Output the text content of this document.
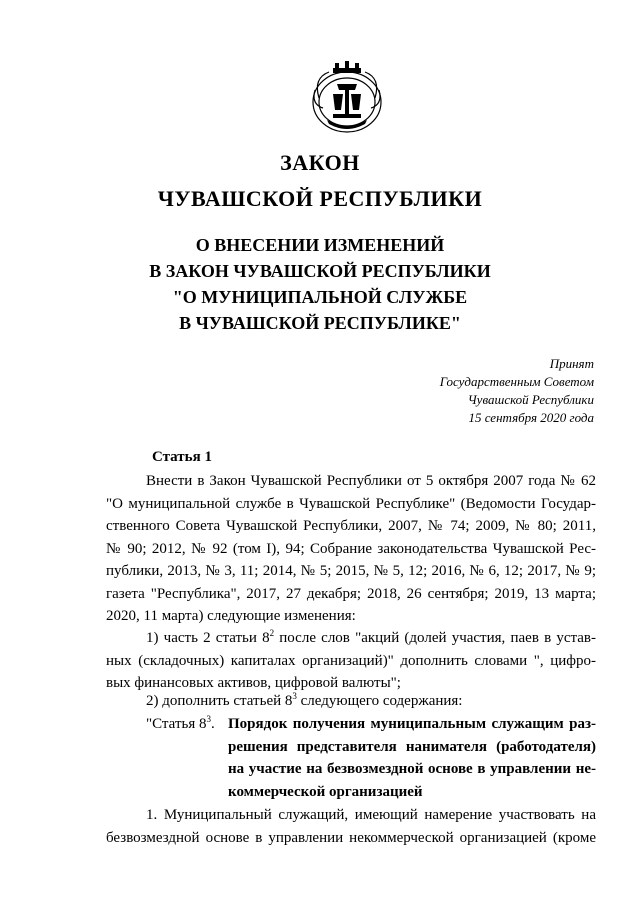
ЗАКОН
ЧУВАШСКОЙ РЕСПУБЛИКИ
О ВНЕСЕНИИ ИЗМЕНЕНИЙ
В ЗАКОН ЧУВАШСКОЙ РЕСПУБЛИКИ
"О МУНИЦИПАЛЬНОЙ СЛУЖБЕ
В ЧУВАШСКОЙ РЕСПУБЛИКЕ"
Принят
Государственным Советом
Чувашской Республики
15 сентября 2020 года
Статья 1
Внести в Закон Чувашской Республики от 5 октября 2007 года № 62
"О муниципальной службе в Чувашской Республике" (Ведомости Государ-
ственного Совета Чувашской Республики, 2007, № 74; 2009, № 80; 2011,
№ 90; 2012, № 92 (том I), 94; Собрание законодательства Чувашской Рес-
публики, 2013, № 3, 11; 2014, № 5; 2015, № 5, 12; 2016, № 6, 12; 2017, № 9;
газета "Республика", 2017, 27 декабря; 2018, 26 сентября; 2019, 13 марта;
2020, 11 марта) следующие изменения:
1) часть 2 статьи $8^2$ после слов "акций (долей участия, паев в устав-
ных (складочных) капиталах организаций)" дополнить словами ", цифро-
вых финансовых активов, цифровой валюты";
2) дополнить статьей $8^3$ следующего содержания:
"Статья $8^3$. Порядок получения муниципальным служащим раз-
решения представителя нанимателя (работодателя)
на участие на безвозмездной основе в управлении не-
коммерческой организацией
1. Муниципальный служащий, имеющий намерение участвовать на
безвозмездной основе в управлении некоммерческой организацией (кроме
